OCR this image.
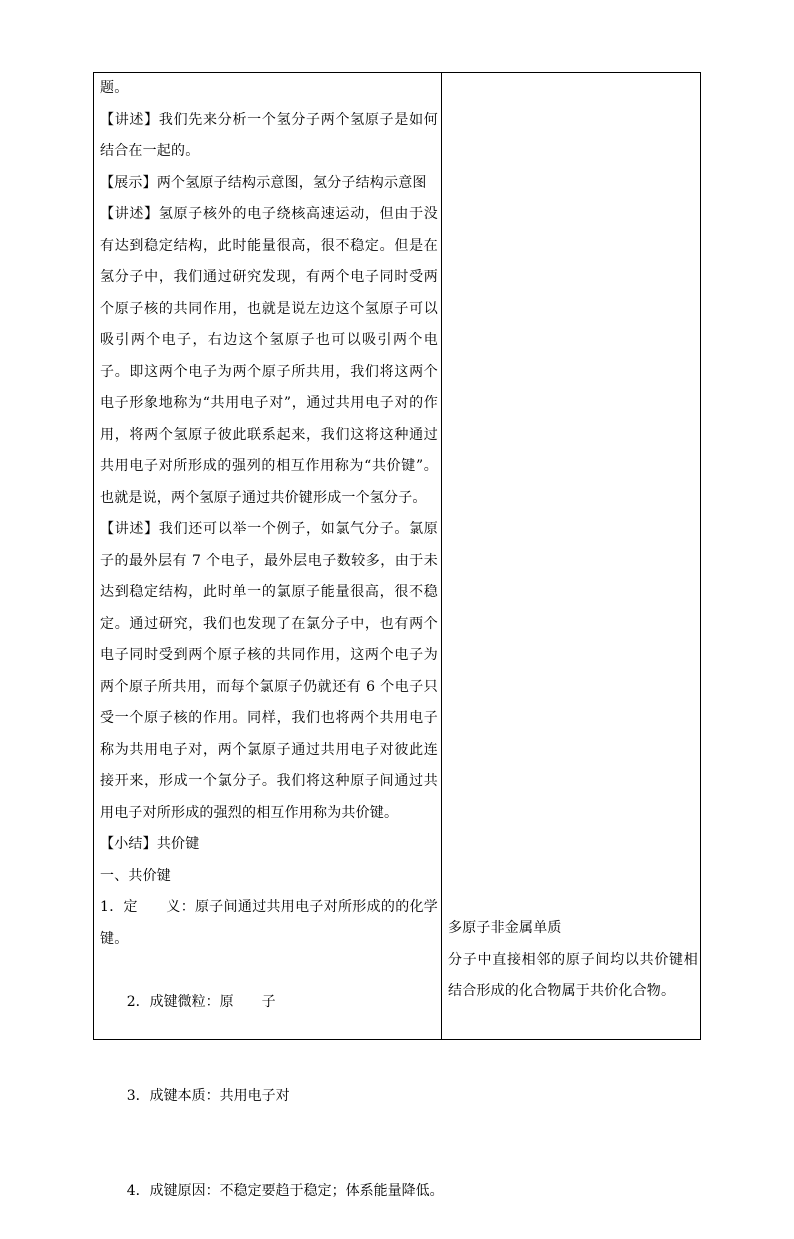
题。

【讲述】我们先来分析一个氢分子两个氢原子是如何结合在一起的。

【展示】两个氢原子结构示意图，氢分子结构示意图

【讲述】氢原子核外的电子绕核高速运动，但由于没有达到稳定结构，此时能量很高，很不稳定。但是在氢分子中，我们通过研究发现，有两个电子同时受两个原子核的共同作用，也就是说左边这个氢原子可以吸引两个电子，右边这个氢原子也可以吸引两个电子。即这两个电子为两个原子所共用，我们将这两个电子形象地称为“共用电子对”，通过共用电子对的作用，将两个氢原子彼此联系起来，我们这将这种通过共用电子对所形成的强列的相互作用称为“共价键”。也就是说，两个氢原子通过共价键形成一个氢分子。

【讲述】我们还可以举一个例子，如氯气分子。氯原子的最外层有 7 个电子，最外层电子数较多，由于未达到稳定结构，此时单一的氯原子能量很高，很不稳定。通过研究，我们也发现了在氯分子中，也有两个电子同时受到两个原子核的共同作用，这两个电子为两个原子所共用，而每个氯原子仍就还有 6 个电子只受一个原子核的作用。同样，我们也将两个共用电子称为共用电子对，两个氯原子通过共用电子对彼此连接开来，形成一个氯分子。我们将这种原子间通过共用电子对所形成的强烈的相互作用称为共价键。

【小结】共价键

一、共价键

1．定　　义：原子间通过共用电子对所形成的的化学键。

2．成键微粒：原　　子

3．成键本质：共用电子对

4．成键原因：不稳定要趋于稳定；体系能量降低。

多原子非金属单质

分子中直接相邻的原子间均以共价键相结合形成的化合物属于共价化合物。
